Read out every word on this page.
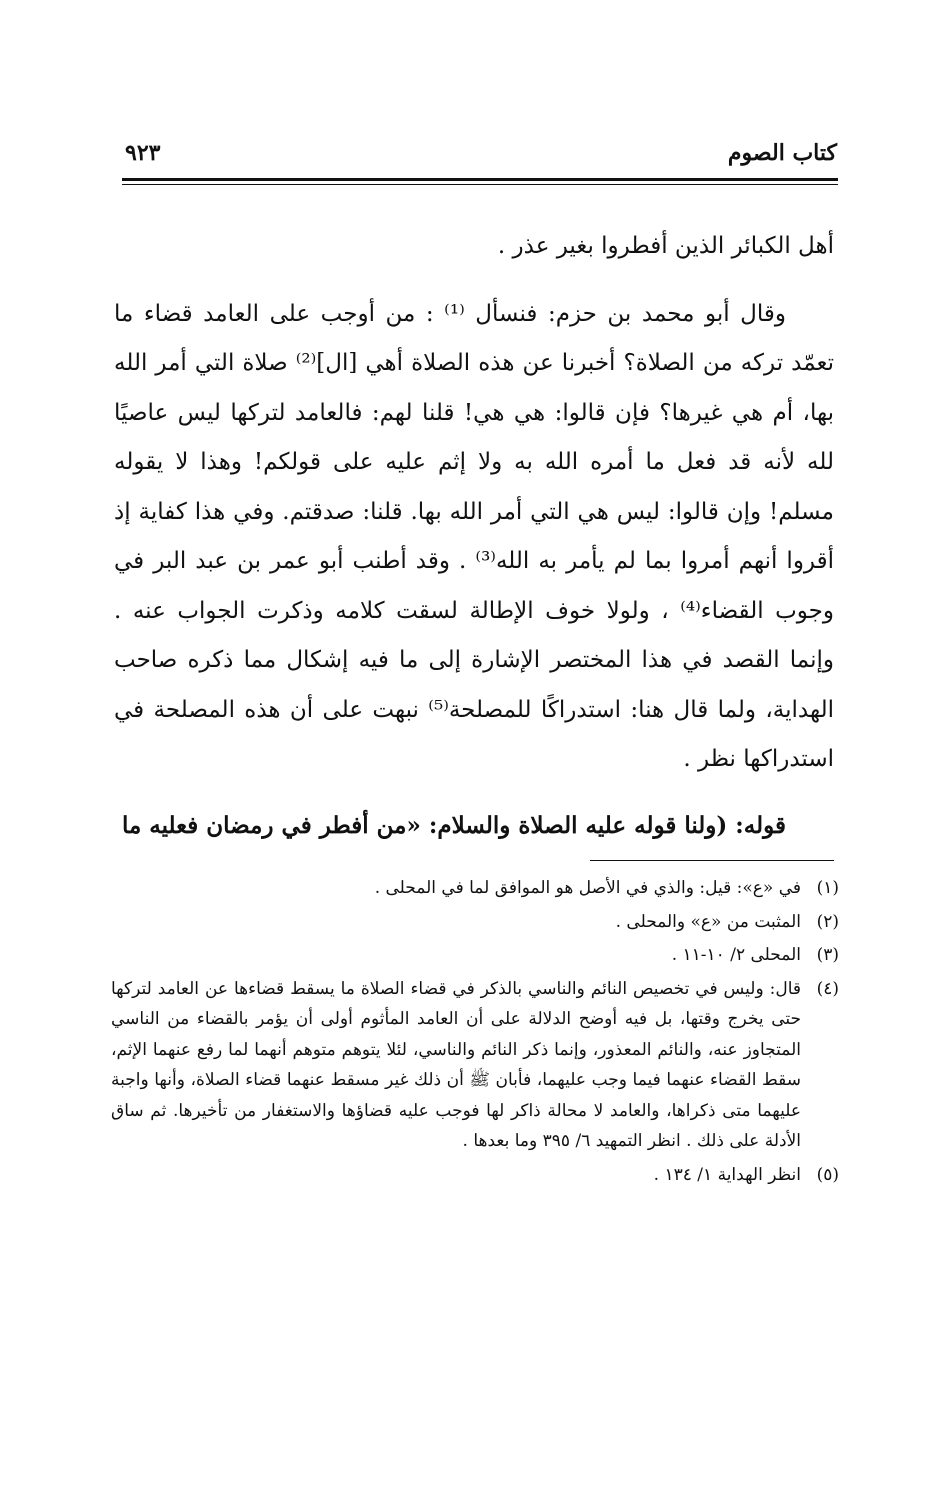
كتاب الصوم
٩٢٣

أهل الكبائر الذين أفطروا بغير عذر .

وقال أبو محمد بن حزم: فنسأل ⁽¹⁾ : من أوجب على العامد قضاء ما تعمّد تركه من الصلاة؟ أخبرنا عن هذه الصلاة أهي [ال]⁽²⁾ صلاة التي أمر الله بها، أم هي غيرها؟ فإن قالوا: هي هي! قلنا لهم: فالعامد لتركها ليس عاصيًا لله لأنه قد فعل ما أمره الله به ولا إثم عليه على قولكم! وهذا لا يقوله مسلم! وإن قالوا: ليس هي التي أمر الله بها. قلنا: صدقتم. وفي هذا كفاية إذ أقروا أنهم أمروا بما لم يأمر به الله⁽³⁾ . وقد أطنب أبو عمر بن عبد البر في وجوب القضاء⁽⁴⁾ ، ولولا خوف الإطالة لسقت كلامه وذكرت الجواب عنه . وإنما القصد في هذا المختصر الإشارة إلى ما فيه إشكال مما ذكره صاحب الهداية، ولما قال هنا: استدراكًا للمصلحة⁽⁵⁾ نبهت على أن هذه المصلحة في استدراكها نظر .

قوله: (ولنا قوله عليه الصلاة والسلام: «من أفطر في رمضان فعليه ما

(١)
في «ع»: قيل: والذي في الأصل هو الموافق لما في المحلى .
(٢)
المثبت من «ع» والمحلى .
(٣)
المحلى ٢/ ١٠-١١ .
(٤)
قال: وليس في تخصيص النائم والناسي بالذكر في قضاء الصلاة ما يسقط قضاءها عن العامد لتركها حتى يخرج وقتها، بل فيه أوضح الدلالة على أن العامد المأثوم أولى أن يؤمر بالقضاء من الناسي المتجاوز عنه، والنائم المعذور، وإنما ذكر النائم والناسي، لئلا يتوهم متوهم أنهما لما رفع عنهما الإثم، سقط القضاء عنهما فيما وجب عليهما، فأبان ﷺ أن ذلك غير مسقط عنهما قضاء الصلاة، وأنها واجبة عليهما متى ذكراها، والعامد لا محالة ذاكر لها فوجب عليه قضاؤها والاستغفار من تأخيرها. ثم ساق الأدلة على ذلك . انظر التمهيد ٦/ ٣٩٥ وما بعدها .
(٥)
انظر الهداية ١/ ١٣٤ .
